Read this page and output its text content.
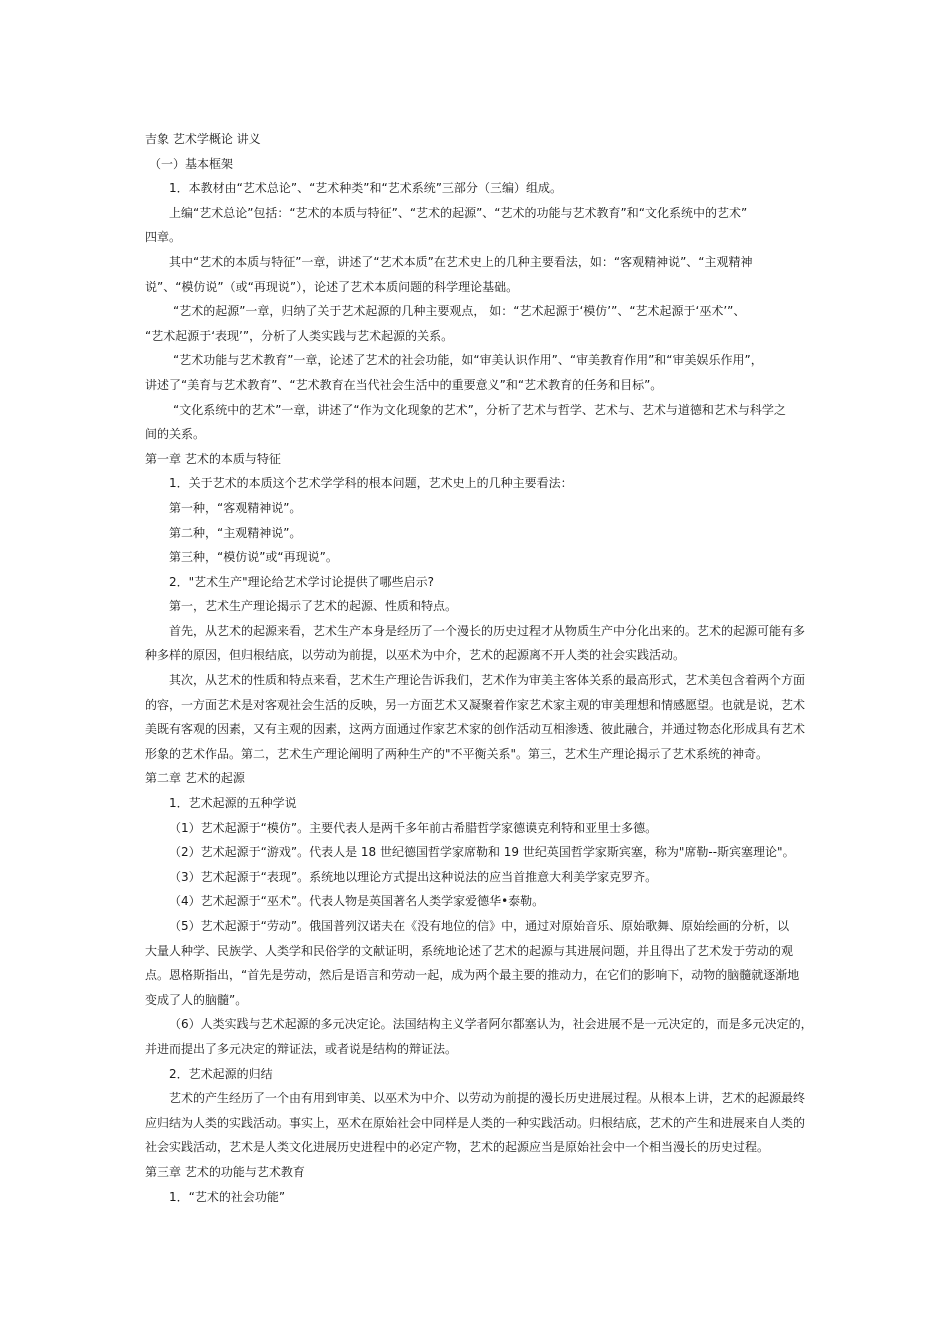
吉象 艺术学概论 讲义

（一）基本框架

1．本教材由“艺术总论”、“艺术种类”和“艺术系统”三部分（三编）组成。

上编“艺术总论”包括：“艺术的本质与特征”、“艺术的起源”、“艺术的功能与艺术教育”和“文化系统中的艺术”

四章。

其中“艺术的本质与特征”一章，讲述了“艺术本质”在艺术史上的几种主要看法，如：“客观精神说”、“主观精神

说”、“模仿说”（或“再现说”），论述了艺术本质问题的科学理论基础。

“艺术的起源”一章，归纳了关于艺术起源的几种主要观点， 如：“艺术起源于‘模仿’”、“艺术起源于‘巫术’”、

“艺术起源于‘表现’”，分析了人类实践与艺术起源的关系。

“艺术功能与艺术教育”一章，论述了艺术的社会功能，如“审美认识作用”、“审美教育作用”和“审美娱乐作用”，

讲述了“美育与艺术教育”、“艺术教育在当代社会生活中的重要意义”和“艺术教育的任务和目标”。

“文化系统中的艺术”一章，讲述了“作为文化现象的艺术”，分析了艺术与哲学、艺术与、艺术与道德和艺术与科学之

间的关系。

第一章 艺术的本质与特征

1．关于艺术的本质这个艺术学学科的根本问题，艺术史上的几种主要看法：

第一种，“客观精神说”。

第二种，“主观精神说”。

第三种，“模仿说”或“再现说”。

2．"艺术生产"理论给艺术学讨论提供了哪些启示?

第一，艺术生产理论揭示了艺术的起源、性质和特点。

首先，从艺术的起源来看，艺术生产本身是经历了一个漫长的历史过程才从物质生产中分化出来的。艺术的起源可能有多

种多样的原因，但归根结底，以劳动为前提，以巫术为中介，艺术的起源离不开人类的社会实践活动。

其次，从艺术的性质和特点来看，艺术生产理论告诉我们，艺术作为审美主客体关系的最高形式，艺术美包含着两个方面

的容，一方面艺术是对客观社会生活的反映，另一方面艺术又凝聚着作家艺术家主观的审美理想和情感愿望。也就是说，艺术

美既有客观的因素，又有主观的因素，这两方面通过作家艺术家的创作活动互相渗透、彼此融合，并通过物态化形成具有艺术

形象的艺术作品。第二，艺术生产理论阐明了两种生产的"不平衡关系"。第三，艺术生产理论揭示了艺术系统的神奇。

第二章 艺术的起源

1．艺术起源的五种学说

（1）艺术起源于“模仿”。主要代表人是两千多年前古希腊哲学家德谟克利特和亚里士多德。

（2）艺术起源于“游戏”。代表人是 18 世纪德国哲学家席勒和 19 世纪英国哲学家斯宾塞，称为"席勒--斯宾塞理论"。

（3）艺术起源于“表现”。系统地以理论方式提出这种说法的应当首推意大利美学家克罗齐。

（4）艺术起源于“巫术”。代表人物是英国著名人类学家爱德华•泰勒。

（5）艺术起源于“劳动”。俄国普列汉诺夫在《没有地位的信》中，通过对原始音乐、原始歌舞、原始绘画的分析，以

大量人种学、民族学、人类学和民俗学的文献证明，系统地论述了艺术的起源与其进展问题，并且得出了艺术发于劳动的观

点。恩格斯指出，“首先是劳动，然后是语言和劳动一起，成为两个最主要的推动力，在它们的影响下，动物的脑髓就逐渐地

变成了人的脑髓”。

（6）人类实践与艺术起源的多元决定论。法国结构主义学者阿尔都塞认为，社会进展不是一元决定的，而是多元决定的，

并进而提出了多元决定的辩证法，或者说是结构的辩证法。

2．艺术起源的归结

艺术的产生经历了一个由有用到审美、以巫术为中介、以劳动为前提的漫长历史进展过程。从根本上讲，艺术的起源最终

应归结为人类的实践活动。事实上，巫术在原始社会中同样是人类的一种实践活动。归根结底，艺术的产生和进展来自人类的

社会实践活动，艺术是人类文化进展历史进程中的必定产物，艺术的起源应当是原始社会中一个相当漫长的历史过程。

第三章 艺术的功能与艺术教育

1．“艺术的社会功能”
